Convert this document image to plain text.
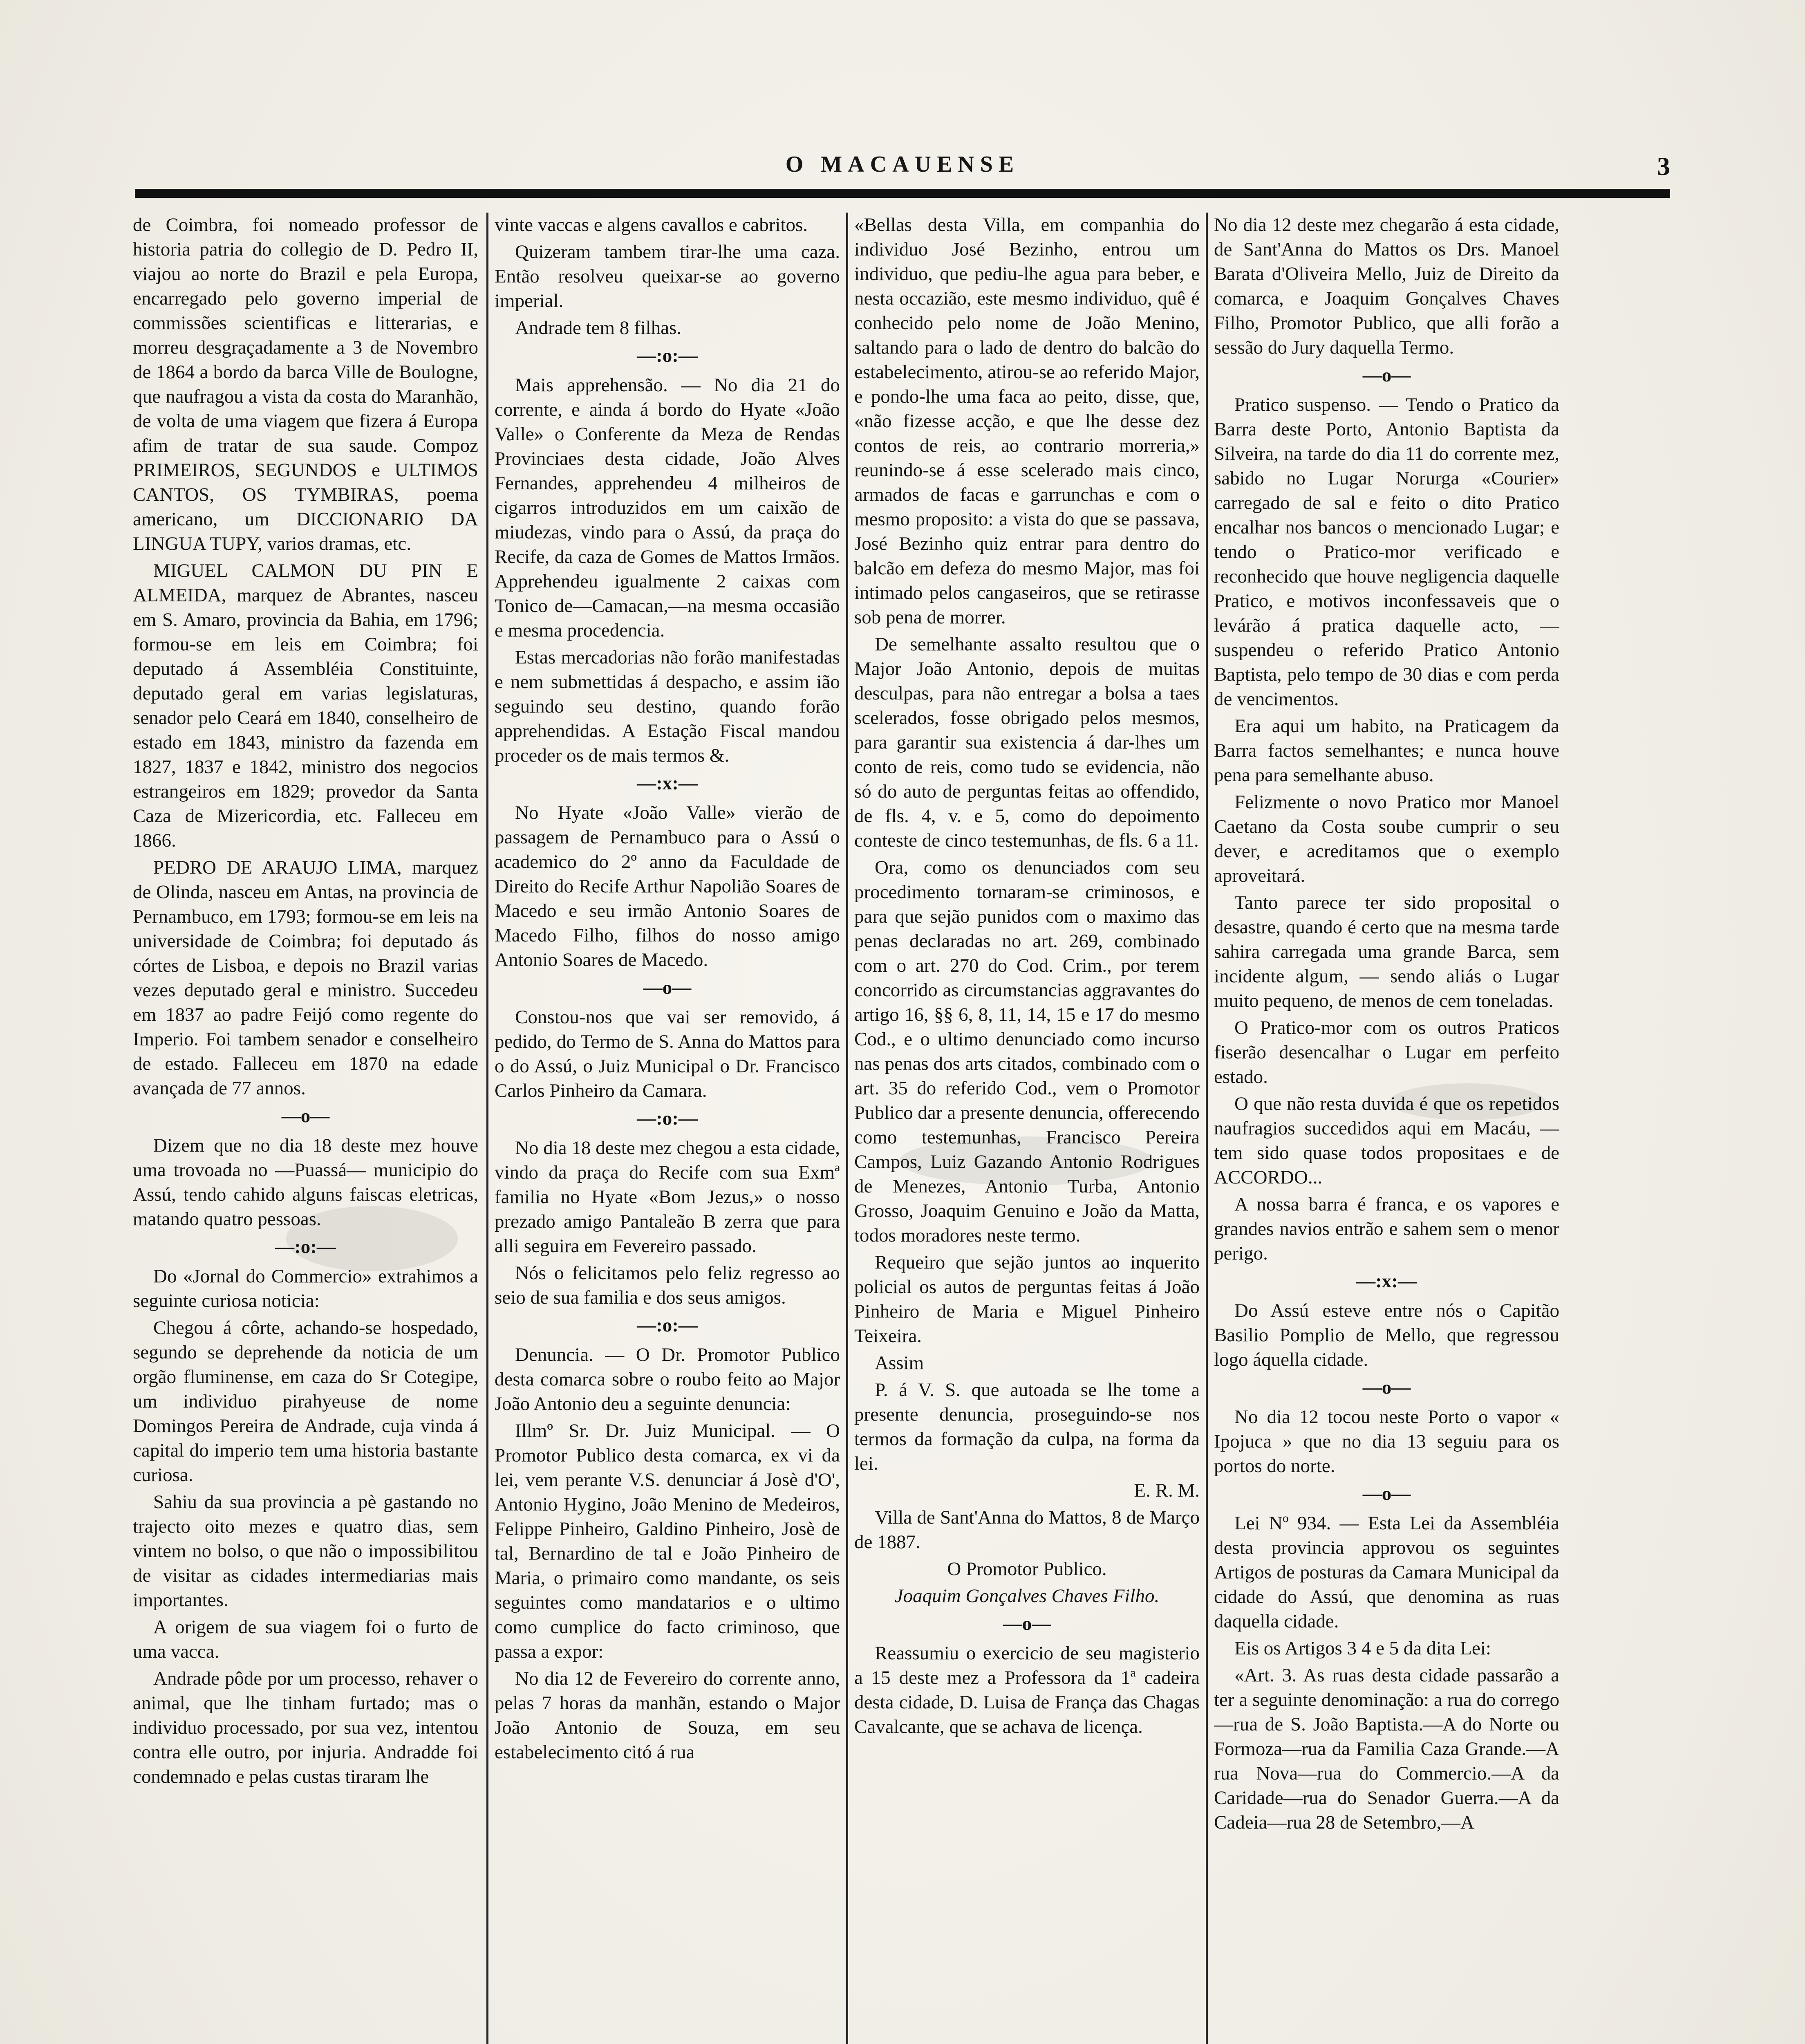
O MACAUENSE	3

de Coimbra, foi nomeado professor de historia patria do collegio de D. Pedro II, viajou ao norte do Brazil e pela Europa, encarregado pelo governo imperial de commissões scientificas e litterarias, e morreu desgraçadamente a 3 de Novembro de 1864 a bordo da barca Ville de Boulogne, que naufragou a vista da costa do Maranhão, de volta de uma viagem que fizera á Europa afim de tratar de sua saude. Compoz PRIMEIROS, SEGUNDOS e ULTIMOS CANTOS, OS TYMBIRAS, poema americano, um DICCIONARIO DA LINGUA TUPY, varios dramas, etc.

MIGUEL CALMON DU PIN E ALMEIDA, marquez de Abrantes, nasceu em S. Amaro, provincia da Bahia, em 1796; formou-se em leis em Coimbra; foi deputado á Assembléia Constituinte, deputado geral em varias legislaturas, senador pelo Ceará em 1840, conselheiro de estado em 1843, ministro da fazenda em 1827, 1837 e 1842, ministro dos negocios estrangeiros em 1829; provedor da Santa Caza de Mizericordia, etc. Falleceu em 1866.

PEDRO DE ARAUJO LIMA, marquez de Olinda, nasceu em Antas, na provincia de Pernambuco, em 1793; formou-se em leis na universidade de Coimbra; foi deputado ás córtes de Lisboa, e depois no Brazil varias vezes deputado geral e ministro. Succedeu em 1837 ao padre Feijó como regente do Imperio. Foi tambem senador e conselheiro de estado. Falleceu em 1870 na edade avançada de 77 annos.

—o—

Dizem que no dia 18 deste mez houve uma trovoada no —Puassá— municipio do Assú, tendo cahido alguns faiscas eletricas, matando quatro pessoas.

—:o:—

Do «Jornal do Commercio» extrahimos a seguinte curiosa noticia:

Chegou á côrte, achando-se hospedado, segundo se deprehende da noticia de um orgão fluminense, em caza do Sr Cotegipe, um individuo pirahyeuse de nome Domingos Pereira de Andrade, cuja vinda á capital do imperio tem uma historia bastante curiosa.

Sahiu da sua provincia a pè gastando no trajecto oito mezes e quatro dias, sem vintem no bolso, o que não o impossibilitou de visitar as cidades intermediarias mais importantes.

A origem de sua viagem foi o furto de uma vacca.

Andrade pôde por um processo, rehaver o animal, que lhe tinham furtado; mas o individuo processado, por sua vez, intentou contra elle outro, por injuria. Andradde foi condemnado e pelas custas tiraram lhe

vinte vaccas e algens cavallos e cabritos.

Quizeram tambem tirar-lhe uma caza. Então resolveu queixar-se ao governo imperial.

Andrade tem 8 filhas.

—:o:—

Mais apprehensão. — No dia 21 do corrente, e ainda á bordo do Hyate «João Valle» o Conferente da Meza de Rendas Provinciaes desta cidade, João Alves Fernandes, apprehendeu 4 milheiros de cigarros introduzidos em um caixão de miudezas, vindo para o Assú, da praça do Recife, da caza de Gomes de Mattos Irmãos. Apprehendeu igualmente 2 caixas com Tonico de—Camacan,—na mesma occasião e mesma procedencia.

Estas mercadorias não forão manifestadas e nem submettidas á despacho, e assim ião seguindo seu destino, quando forão apprehendidas. A Estação Fiscal mandou proceder os de mais termos &.

—:x:—

No Hyate «João Valle» vierão de passagem de Pernambuco para o Assú o academico do 2º anno da Faculdade de Direito do Recife Arthur Napolião Soares de Macedo e seu irmão Antonio Soares de Macedo Filho, filhos do nosso amigo Antonio Soares de Macedo.

—o—

Constou-nos que vai ser removido, á pedido, do Termo de S. Anna do Mattos para o do Assú, o Juiz Municipal o Dr. Francisco Carlos Pinheiro da Camara.

—:o:—

No dia 18 deste mez chegou a esta cidade, vindo da praça do Recife com sua Exmª familia no Hyate «Bom Jezus,» o nosso prezado amigo Pantaleão B zerra que para alli seguira em Fevereiro passado.

Nós o felicitamos pelo feliz regresso ao seio de sua familia e dos seus amigos.

—:o:—

Denuncia. — O Dr. Promotor Publico desta comarca sobre o roubo feito ao Major João Antonio deu a seguinte denuncia:

Illmº Sr. Dr. Juiz Municipal. — O Promotor Publico desta comarca, ex vi da lei, vem perante V.S. denunciar á Josè d'O', Antonio Hygino, João Menino de Medeiros, Felippe Pinheiro, Galdino Pinheiro, Josè de tal, Bernardino de tal e João Pinheiro de Maria, o primairo como mandante, os seis seguintes como mandatarios e o ultimo como cumplice do facto criminoso, que passa a expor:

No dia 12 de Fevereiro do corrente anno, pelas 7 horas da manhãn, estando o Major João Antonio de Souza, em seu estabelecimento citó á rua

«Bellas desta Villa, em companhia do individuo José Bezinho, entrou um individuo, que pediu-lhe agua para beber, e nesta occazião, este mesmo individuo, quê é conhecido pelo nome de João Menino, saltando para o lado de dentro do balcão do estabelecimento, atirou-se ao referido Major, e pondo-lhe uma faca ao peito, disse, que, «não fizesse acção, e que lhe desse dez contos de reis, ao contrario morreria,» reunindo-se á esse scelerado mais cinco, armados de facas e garrunchas e com o mesmo proposito: a vista do que se passava, José Bezinho quiz entrar para dentro do balcão em defeza do mesmo Major, mas foi intimado pelos cangaseiros, que se retirasse sob pena de morrer.

De semelhante assalto resultou que o Major João Antonio, depois de muitas desculpas, para não entregar a bolsa a taes scelerados, fosse obrigado pelos mesmos, para garantir sua existencia á dar-lhes um conto de reis, como tudo se evidencia, não só do auto de perguntas feitas ao offendido, de fls. 4, v. e 5, como do depoimento conteste de cinco testemunhas, de fls. 6 a 11.

Ora, como os denunciados com seu procedimento tornaram-se criminosos, e para que sejão punidos com o maximo das penas declaradas no art. 269, combinado com o art. 270 do Cod. Crim., por terem concorrido as circumstancias aggravantes do artigo 16, §§ 6, 8, 11, 14, 15 e 17 do mesmo Cod., e o ultimo denunciado como incurso nas penas dos arts citados, combinado com o art. 35 do referido Cod., vem o Promotor Publico dar a presente denuncia, offerecendo como testemunhas, Francisco Pereira Campos, Luiz Gazando Antonio Rodrigues de Menezes, Antonio Turba, Antonio Grosso, Joaquim Genuino e João da Matta, todos moradores neste termo.

Requeiro que sejão juntos ao inquerito policial os autos de perguntas feitas á João Pinheiro de Maria e Miguel Pinheiro Teixeira.

Assim

P. á V. S. que autoada se lhe tome a presente denuncia, proseguindo-se nos termos da formação da culpa, na forma da lei.

E. R. M.

Villa de Sant'Anna do Mattos, 8 de Março de 1887.

O Promotor Publico.

Joaquim Gonçalves Chaves Filho.

—o—

Reassumiu o exercicio de seu magisterio a 15 deste mez a Professora da 1ª cadeira desta cidade, D. Luisa de França das Chagas Cavalcante, que se achava de licença.

No dia 12 deste mez chegarão á esta cidade, de Sant'Anna do Mattos os Drs. Manoel Barata d'Oliveira Mello, Juiz de Direito da comarca, e Joaquim Gonçalves Chaves Filho, Promotor Publico, que alli forão a sessão do Jury daquella Termo.

—o—

Pratico suspenso. — Tendo o Pratico da Barra deste Porto, Antonio Baptista da Silveira, na tarde do dia 11 do corrente mez, sabido no Lugar Norurga «Courier» carregado de sal e feito o dito Pratico encalhar nos bancos o mencionado Lugar; e tendo o Pratico-mor verificado e reconhecido que houve negligencia daquelle Pratico, e motivos inconfessaveis que o levárão á pratica daquelle acto, — suspendeu o referido Pratico Antonio Baptista, pelo tempo de 30 dias e com perda de vencimentos.

Era aqui um habito, na Praticagem da Barra factos semelhantes; e nunca houve pena para semelhante abuso.

Felizmente o novo Pratico mor Manoel Caetano da Costa soube cumprir o seu dever, e acreditamos que o exemplo aproveitará.

Tanto parece ter sido proposital o desastre, quando é certo que na mesma tarde sahira carregada uma grande Barca, sem incidente algum, — sendo aliás o Lugar muito pequeno, de menos de cem toneladas.

O Pratico-mor com os outros Praticos fiserão desencalhar o Lugar em perfeito estado.

O que não resta duvida é que os repetidos naufragios succedidos aqui em Macáu, — tem sido quase todos propositaes e de ACCORDO...

A nossa barra é franca, e os vapores e grandes navios entrão e sahem sem o menor perigo.

—:x:—

Do Assú esteve entre nós o Capitão Basilio Pomplio de Mello, que regressou logo áquella cidade.

—o—

No dia 12 tocou neste Porto o vapor « Ipojuca » que no dia 13 seguiu para os portos do norte.

—o—

Lei Nº 934. — Esta Lei da Assembléia desta provincia approvou os seguintes Artigos de posturas da Camara Municipal da cidade do Assú, que denomina as ruas daquella cidade.

Eis os Artigos 3 4 e 5 da dita Lei:

«Art. 3. As ruas desta cidade passarão a ter a seguinte denominação: a rua do corrego—rua de S. João Baptista.—A do Norte ou Formoza—rua da Familia Caza Grande.—A rua Nova—rua do Commercio.—A da Caridade—rua do Senador Guerra.—A da Cadeia—rua 28 de Setembro,—A
